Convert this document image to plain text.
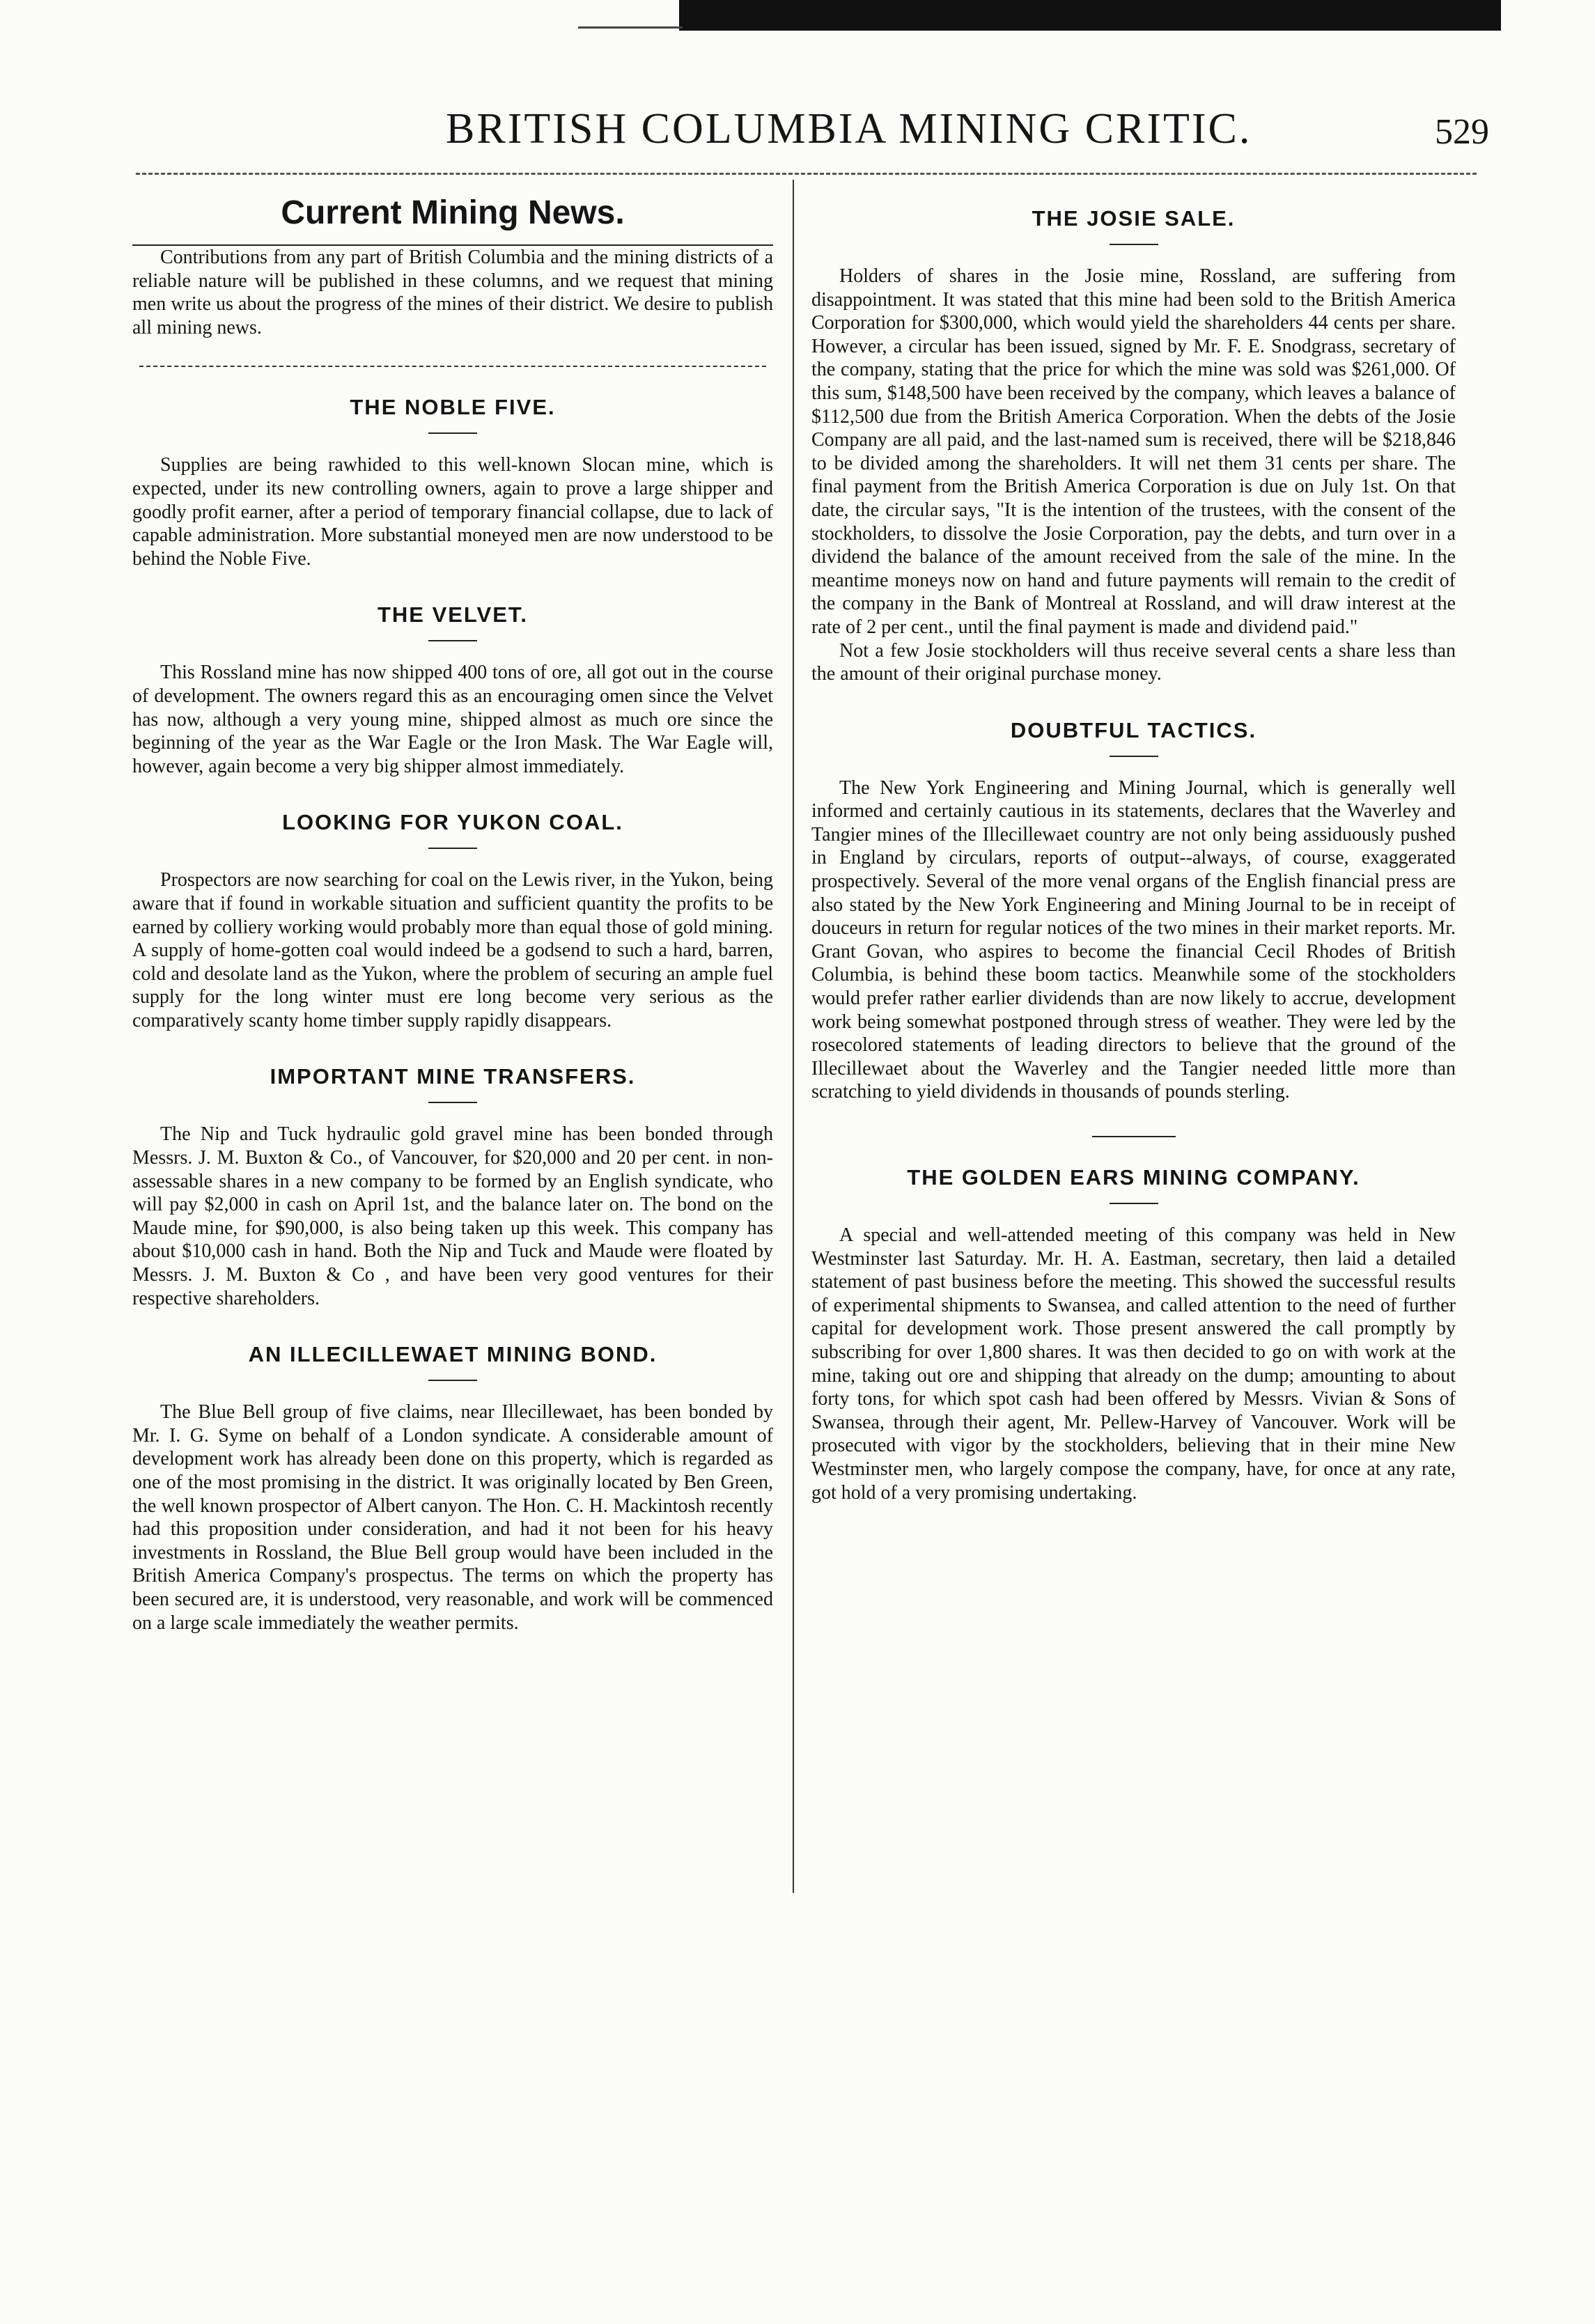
BRITISH COLUMBIA MINING CRITIC.	529
Current Mining News.

Contributions from any part of British Columbia and the mining districts of a reliable nature will be published in these columns, and we request that mining men write us about the progress of the mines of their district. We desire to publish all mining news.

THE NOBLE FIVE.

Supplies are being rawhided to this well-known Slocan mine, which is expected, under its new controlling owners, again to prove a large shipper and goodly profit earner, after a period of temporary financial collapse, due to lack of capable administration. More substantial moneyed men are now understood to be behind the Noble Five.

THE VELVET.

This Rossland mine has now shipped 400 tons of ore, all got out in the course of development. The owners regard this as an encouraging omen since the Velvet has now, although a very young mine, shipped almost as much ore since the beginning of the year as the War Eagle or the Iron Mask. The War Eagle will, however, again become a very big shipper almost immediately.

LOOKING FOR YUKON COAL.

Prospectors are now searching for coal on the Lewis river, in the Yukon, being aware that if found in workable situation and sufficient quantity the profits to be earned by colliery working would probably more than equal those of gold mining. A supply of home-gotten coal would indeed be a godsend to such a hard, barren, cold and desolate land as the Yukon, where the problem of securing an ample fuel supply for the long winter must ere long become very serious as the comparatively scanty home timber supply rapidly disappears.

IMPORTANT MINE TRANSFERS.

The Nip and Tuck hydraulic gold gravel mine has been bonded through Messrs. J. M. Buxton & Co., of Vancouver, for $20,000 and 20 per cent. in non-assessable shares in a new company to be formed by an English syndicate, who will pay $2,000 in cash on April 1st, and the balance later on. The bond on the Maude mine, for $90,000, is also being taken up this week. This company has about $10,000 cash in hand. Both the Nip and Tuck and Maude were floated by Messrs. J. M. Buxton & Co , and have been very good ventures for their respective shareholders.

AN ILLECILLEWAET MINING BOND.

The Blue Bell group of five claims, near Illecillewaet, has been bonded by Mr. I. G. Syme on behalf of a London syndicate. A considerable amount of development work has already been done on this property, which is regarded as one of the most promising in the district. It was originally located by Ben Green, the well known prospector of Albert canyon. The Hon. C. H. Mackintosh recently had this proposition under consideration, and had it not been for his heavy investments in Rossland, the Blue Bell group would have been included in the British America Company's prospectus. The terms on which the property has been secured are, it is understood, very reasonable, and work will be commenced on a large scale immediately the weather permits.

THE JOSIE SALE.

Holders of shares in the Josie mine, Rossland, are suffering from disappointment. It was stated that this mine had been sold to the British America Corporation for $300,000, which would yield the shareholders 44 cents per share. However, a circular has been issued, signed by Mr. F. E. Snodgrass, secretary of the company, stating that the price for which the mine was sold was $261,000. Of this sum, $148,500 have been received by the company, which leaves a balance of $112,500 due from the British America Corporation. When the debts of the Josie Company are all paid, and the last-named sum is received, there will be $218,846 to be divided among the shareholders. It will net them 31 cents per share. The final payment from the British America Corporation is due on July 1st. On that date, the circular says, "It is the intention of the trustees, with the consent of the stockholders, to dissolve the Josie Corporation, pay the debts, and turn over in a dividend the balance of the amount received from the sale of the mine. In the meantime moneys now on hand and future payments will remain to the credit of the company in the Bank of Montreal at Rossland, and will draw interest at the rate of 2 per cent., until the final payment is made and dividend paid."

Not a few Josie stockholders will thus receive several cents a share less than the amount of their original purchase money.

DOUBTFUL TACTICS.

The New York Engineering and Mining Journal, which is generally well informed and certainly cautious in its statements, declares that the Waverley and Tangier mines of the Illecillewaet country are not only being assiduously pushed in England by circulars, reports of output--always, of course, exaggerated prospectively. Several of the more venal organs of the English financial press are also stated by the New York Engineering and Mining Journal to be in receipt of douceurs in return for regular notices of the two mines in their market reports. Mr. Grant Govan, who aspires to become the financial Cecil Rhodes of British Columbia, is behind these boom tactics. Meanwhile some of the stockholders would prefer rather earlier dividends than are now likely to accrue, development work being somewhat postponed through stress of weather. They were led by the rosecolored statements of leading directors to believe that the ground of the Illecillewaet about the Waverley and the Tangier needed little more than scratching to yield dividends in thousands of pounds sterling.

THE GOLDEN EARS MINING COMPANY.

A special and well-attended meeting of this company was held in New Westminster last Saturday. Mr. H. A. Eastman, secretary, then laid a detailed statement of past business before the meeting. This showed the successful results of experimental shipments to Swansea, and called attention to the need of further capital for development work. Those present answered the call promptly by subscribing for over 1,800 shares. It was then decided to go on with work at the mine, taking out ore and shipping that already on the dump; amounting to about forty tons, for which spot cash had been offered by Messrs. Vivian & Sons of Swansea, through their agent, Mr. Pellew-Harvey of Vancouver. Work will be prosecuted with vigor by the stockholders, believing that in their mine New Westminster men, who largely compose the company, have, for once at any rate, got hold of a very promising undertaking.
